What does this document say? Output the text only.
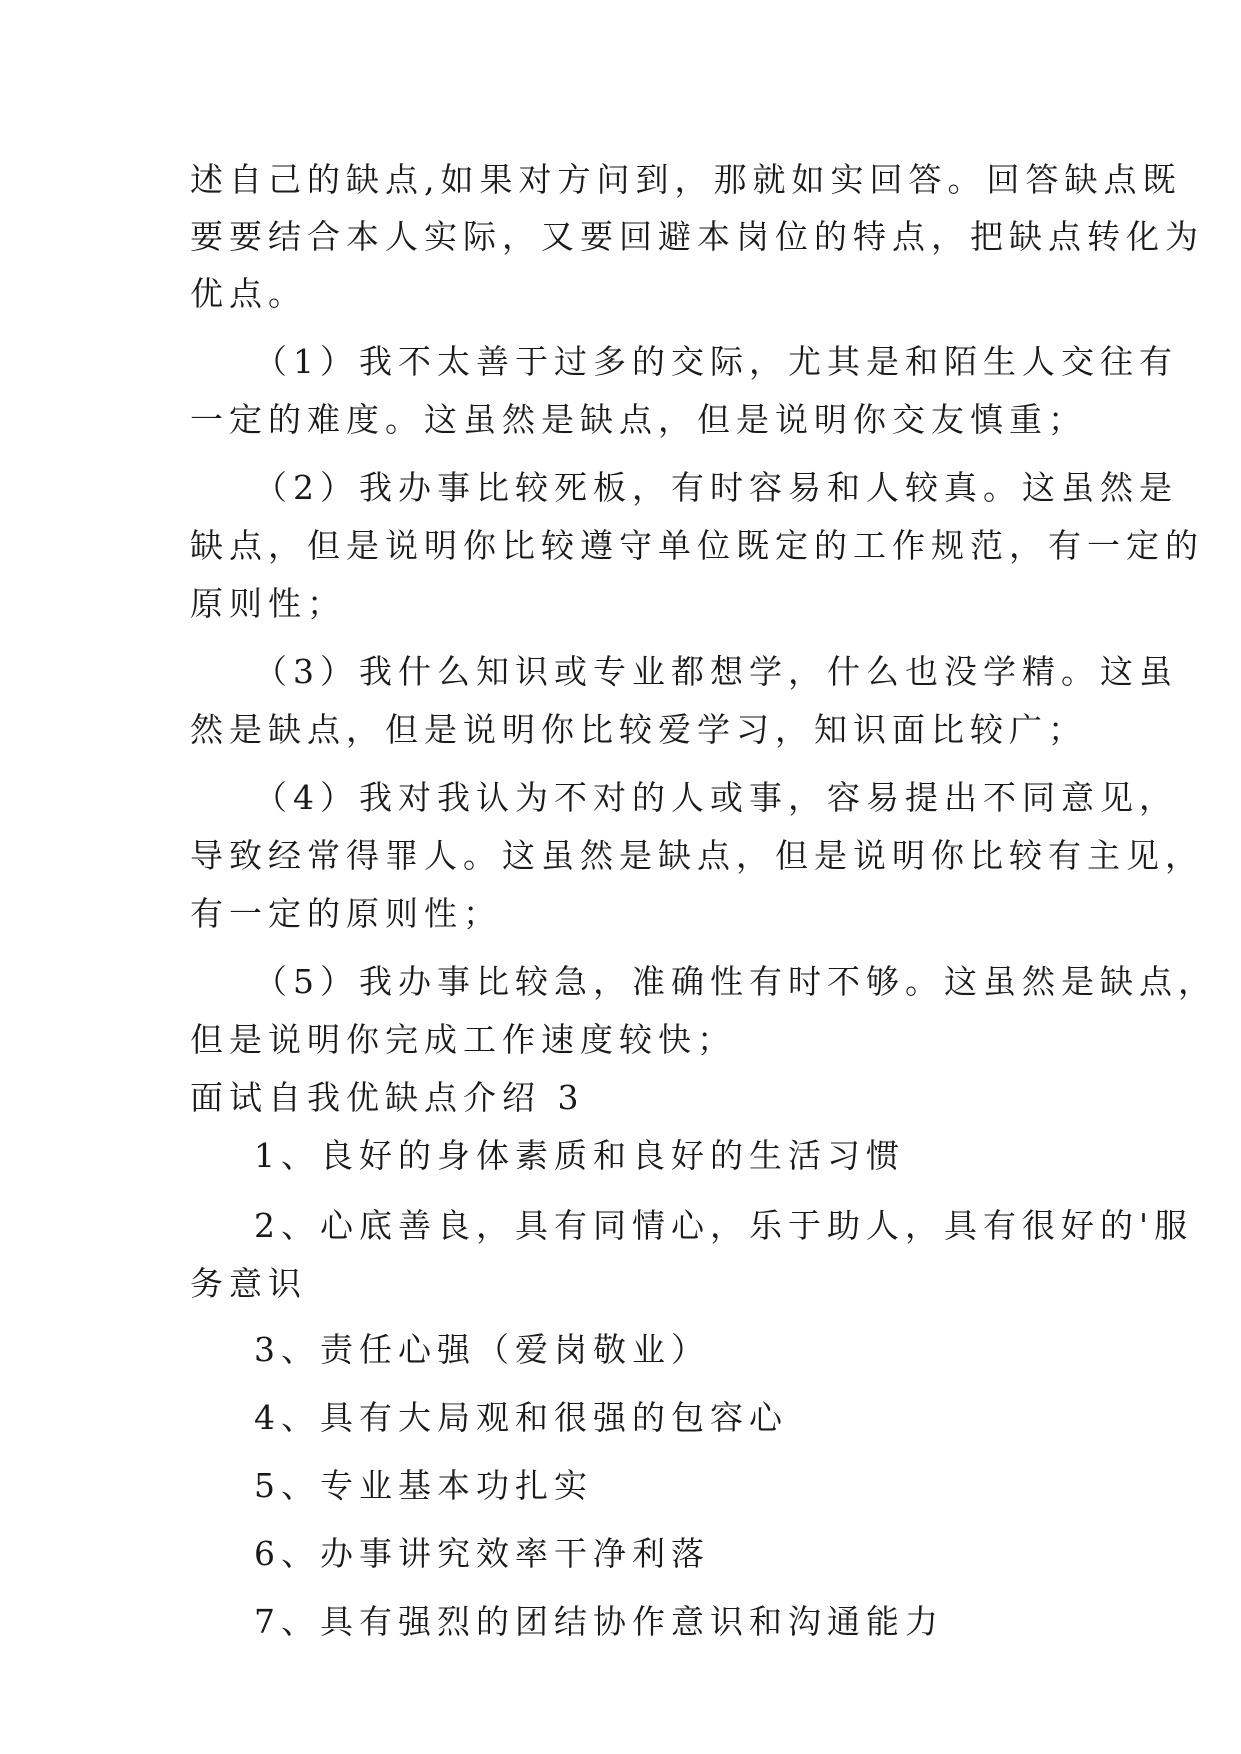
述自己的缺点,如果对方问到，那就如实回答。回答缺点既
要要结合本人实际，又要回避本岗位的特点，把缺点转化为
优点。
（1）我不太善于过多的交际，尤其是和陌生人交往有
一定的难度。这虽然是缺点，但是说明你交友慎重；
（2）我办事比较死板，有时容易和人较真。这虽然是
缺点，但是说明你比较遵守单位既定的工作规范，有一定的
原则性；
（3）我什么知识或专业都想学，什么也没学精。这虽
然是缺点，但是说明你比较爱学习，知识面比较广；
（4）我对我认为不对的人或事，容易提出不同意见，
导致经常得罪人。这虽然是缺点，但是说明你比较有主见，
有一定的原则性；
（5）我办事比较急，准确性有时不够。这虽然是缺点，
但是说明你完成工作速度较快；
面试自我优缺点介绍 3
1、良好的身体素质和良好的生活习惯
2、心底善良，具有同情心，乐于助人，具有很好的'服
务意识
3、责任心强（爱岗敬业）
4、具有大局观和很强的包容心
5、专业基本功扎实
6、办事讲究效率干净利落
7、具有强烈的团结协作意识和沟通能力
